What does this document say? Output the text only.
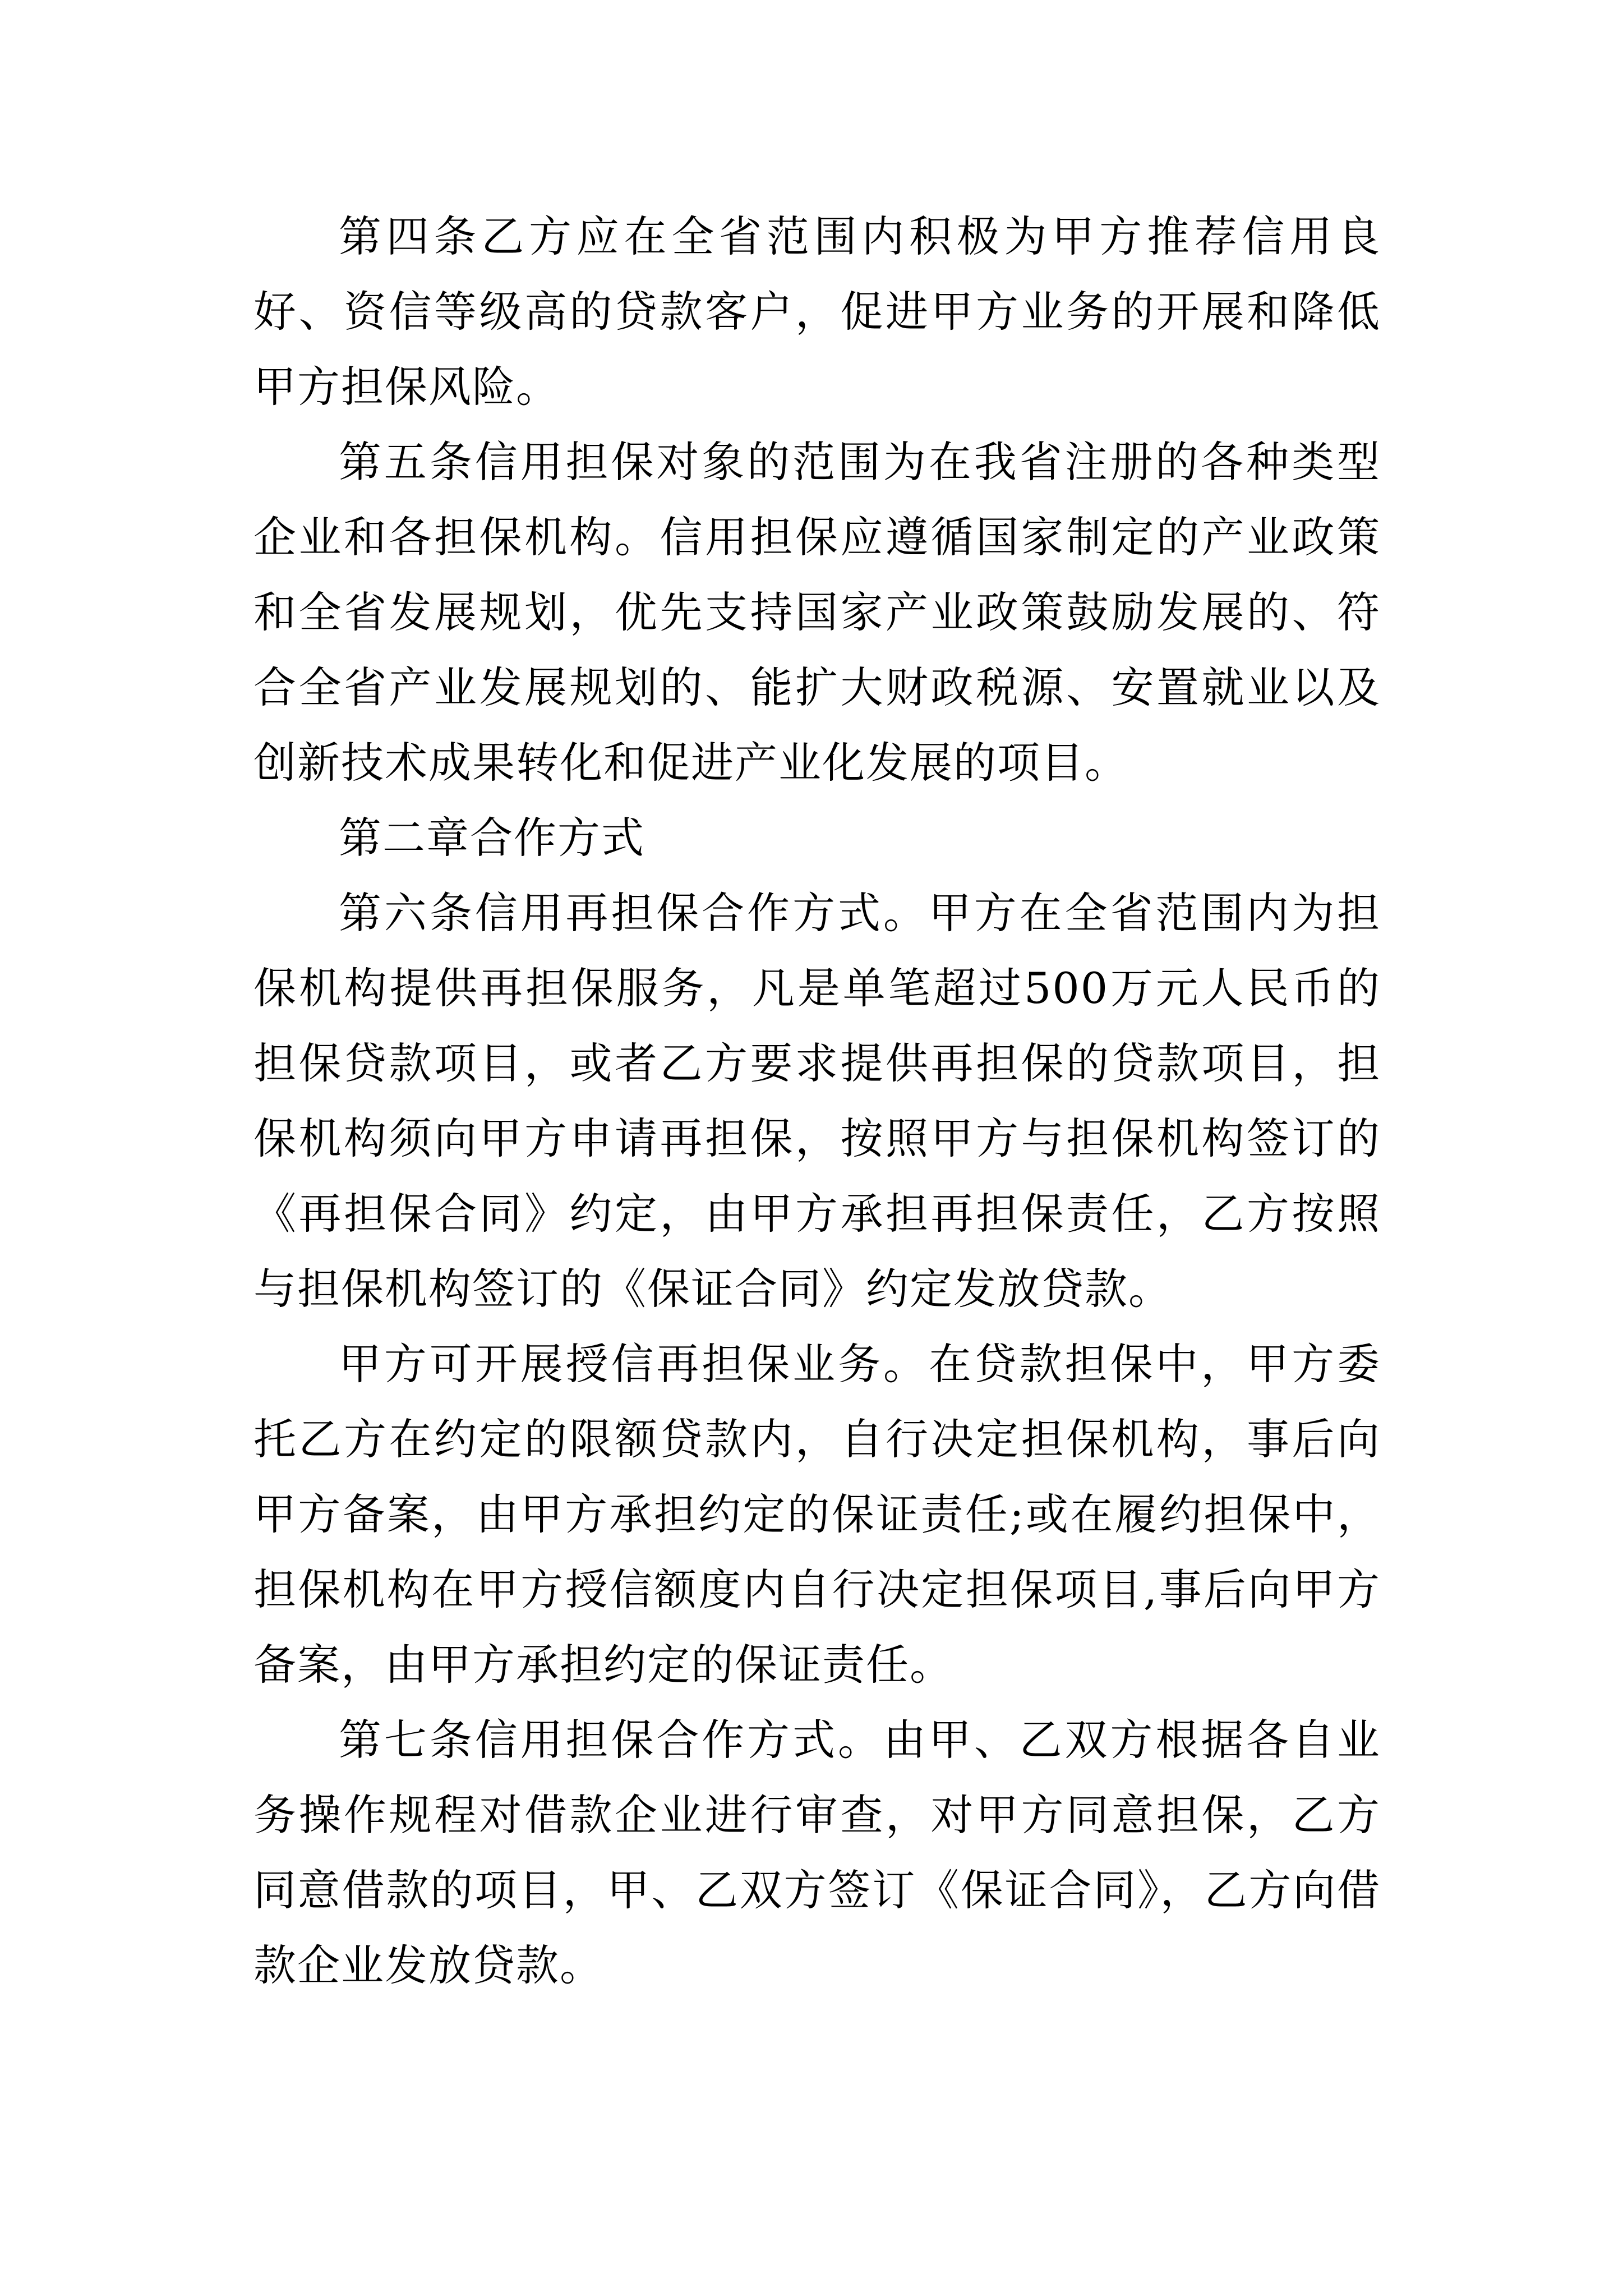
第四条乙方应在全省范围内积极为甲方推荐信用良好、资信等级高的贷款客户，促进甲方业务的开展和降低甲方担保风险。

第五条信用担保对象的范围为在我省注册的各种类型企业和各担保机构。信用担保应遵循国家制定的产业政策和全省发展规划，优先支持国家产业政策鼓励发展的、符合全省产业发展规划的、能扩大财政税源、安置就业以及创新技术成果转化和促进产业化发展的项目。

第二章合作方式

第六条信用再担保合作方式。甲方在全省范围内为担保机构提供再担保服务，凡是单笔超过500万元人民币的担保贷款项目，或者乙方要求提供再担保的贷款项目，担保机构须向甲方申请再担保，按照甲方与担保机构签订的《再担保合同》约定，由甲方承担再担保责任，乙方按照与担保机构签订的《保证合同》约定发放贷款。

甲方可开展授信再担保业务。在贷款担保中，甲方委托乙方在约定的限额贷款内，自行决定担保机构，事后向甲方备案，由甲方承担约定的保证责任;或在履约担保中，担保机构在甲方授信额度内自行决定担保项目,事后向甲方备案，由甲方承担约定的保证责任。

第七条信用担保合作方式。由甲、乙双方根据各自业务操作规程对借款企业进行审查，对甲方同意担保，乙方同意借款的项目，甲、乙双方签订《保证合同》，乙方向借款企业发放贷款。
